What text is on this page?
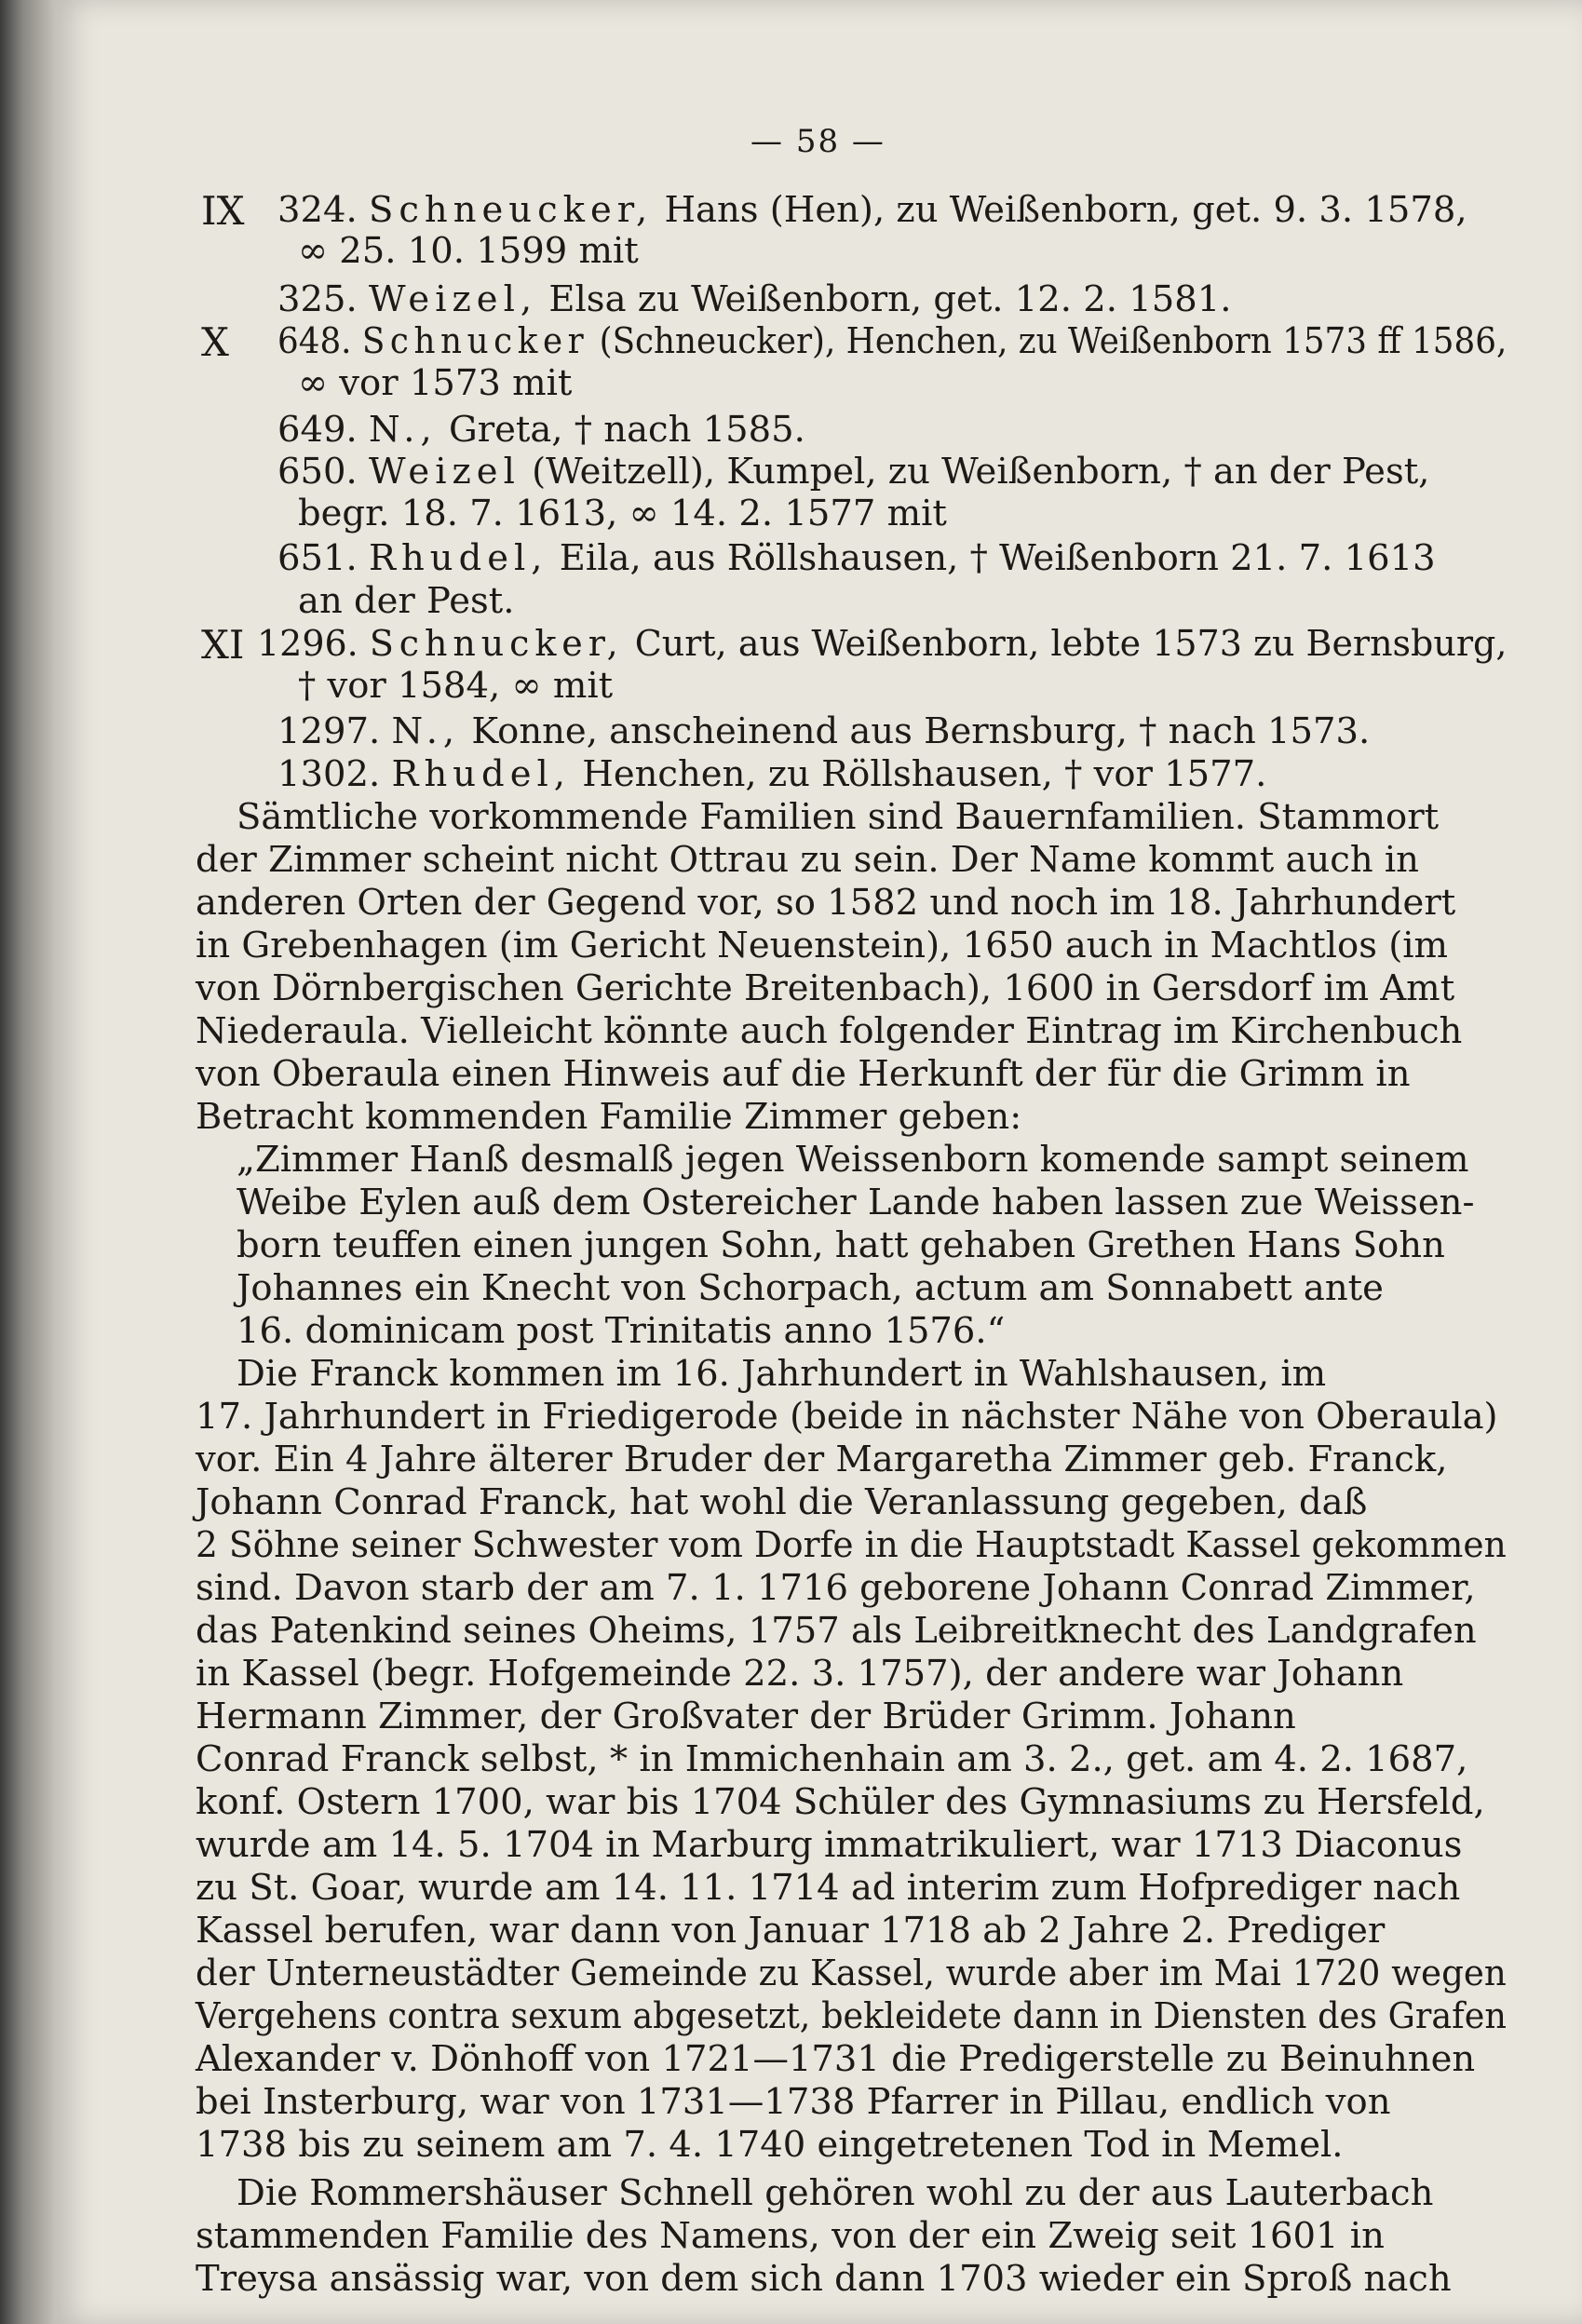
— 58 —
IX 324. Schneucker, Hans (Hen), zu Weißenborn, get. 9. 3. 1578,
∞ 25. 10. 1599 mit
325. Weizel, Elsa zu Weißenborn, get. 12. 2. 1581.
X 648. Schnucker (Schneucker), Henchen, zu Weißenborn 1573 ff 1586,
∞ vor 1573 mit
649. N., Greta, † nach 1585.
650. Weizel (Weitzell), Kumpel, zu Weißenborn, † an der Pest,
begr. 18. 7. 1613, ∞ 14. 2. 1577 mit
651. Rhudel, Eila, aus Röllshausen, † Weißenborn 21. 7. 1613
an der Pest.
XI 1296. Schnucker, Curt, aus Weißenborn, lebte 1573 zu Bernsburg,
† vor 1584, ∞ mit
1297. N., Konne, anscheinend aus Bernsburg, † nach 1573.
1302. Rhudel, Henchen, zu Röllshausen, † vor 1577.
Sämtliche vorkommende Familien sind Bauernfamilien. Stammort
der Zimmer scheint nicht Ottrau zu sein. Der Name kommt auch in
anderen Orten der Gegend vor, so 1582 und noch im 18. Jahrhundert
in Grebenhagen (im Gericht Neuenstein), 1650 auch in Machtlos (im
von Dörnbergischen Gerichte Breitenbach), 1600 in Gersdorf im Amt
Niederaula. Vielleicht könnte auch folgender Eintrag im Kirchenbuch
von Oberaula einen Hinweis auf die Herkunft der für die Grimm in
Betracht kommenden Familie Zimmer geben:
„Zimmer Hanß desmalß jegen Weissenborn komende sampt seinem
Weibe Eylen auß dem Ostereicher Lande haben lassen zue Weissen-
born teuffen einen jungen Sohn, hatt gehaben Grethen Hans Sohn
Johannes ein Knecht von Schorpach, actum am Sonnabett ante
16. dominicam post Trinitatis anno 1576.“
Die Franck kommen im 16. Jahrhundert in Wahlshausen, im
17. Jahrhundert in Friedigerode (beide in nächster Nähe von Oberaula)
vor. Ein 4 Jahre älterer Bruder der Margaretha Zimmer geb. Franck,
Johann Conrad Franck, hat wohl die Veranlassung gegeben, daß
2 Söhne seiner Schwester vom Dorfe in die Hauptstadt Kassel gekommen
sind. Davon starb der am 7. 1. 1716 geborene Johann Conrad Zimmer,
das Patenkind seines Oheims, 1757 als Leibreitknecht des Landgrafen
in Kassel (begr. Hofgemeinde 22. 3. 1757), der andere war Johann
Hermann Zimmer, der Großvater der Brüder Grimm. Johann
Conrad Franck selbst, * in Immichenhain am 3. 2., get. am 4. 2. 1687,
konf. Ostern 1700, war bis 1704 Schüler des Gymnasiums zu Hersfeld,
wurde am 14. 5. 1704 in Marburg immatrikuliert, war 1713 Diaconus
zu St. Goar, wurde am 14. 11. 1714 ad interim zum Hofprediger nach
Kassel berufen, war dann von Januar 1718 ab 2 Jahre 2. Prediger
der Unterneustädter Gemeinde zu Kassel, wurde aber im Mai 1720 wegen
Vergehens contra sexum abgesetzt, bekleidete dann in Diensten des Grafen
Alexander v. Dönhoff von 1721—1731 die Predigerstelle zu Beinuhnen
bei Insterburg, war von 1731—1738 Pfarrer in Pillau, endlich von
1738 bis zu seinem am 7. 4. 1740 eingetretenen Tod in Memel.
Die Rommershäuser Schnell gehören wohl zu der aus Lauterbach
stammenden Familie des Namens, von der ein Zweig seit 1601 in
Treysa ansässig war, von dem sich dann 1703 wieder ein Sproß nach
